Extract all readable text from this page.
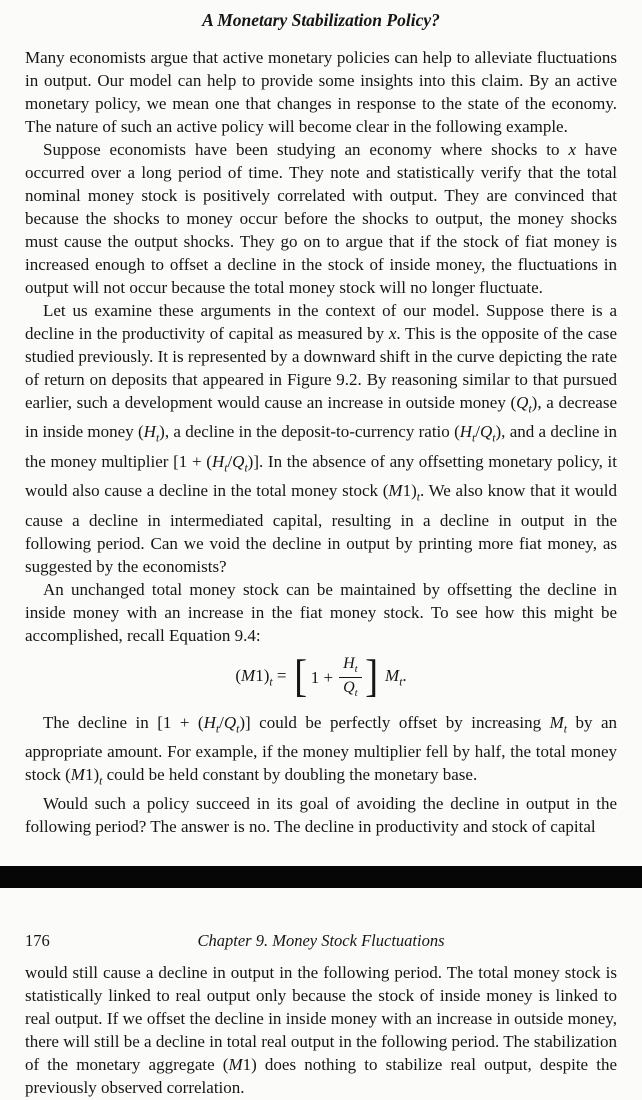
A Monetary Stabilization Policy?

Many economists argue that active monetary policies can help to alleviate fluctuations in output. Our model can help to provide some insights into this claim. By an active monetary policy, we mean one that changes in response to the state of the economy. The nature of such an active policy will become clear in the following example.

Suppose economists have been studying an economy where shocks to x have occurred over a long period of time. They note and statistically verify that the total nominal money stock is positively correlated with output. They are convinced that because the shocks to money occur before the shocks to output, the money shocks must cause the output shocks. They go on to argue that if the stock of fiat money is increased enough to offset a decline in the stock of inside money, the fluctuations in output will not occur because the total money stock will no longer fluctuate.

Let us examine these arguments in the context of our model. Suppose there is a decline in the productivity of capital as measured by x. This is the opposite of the case studied previously. It is represented by a downward shift in the curve depicting the rate of return on deposits that appeared in Figure 9.2. By reasoning similar to that pursued earlier, such a development would cause an increase in outside money $(Q_t)$, a decrease in inside money $(H_t)$, a decline in the deposit-to-currency ratio $(H_t/Q_t)$, and a decline in the money multiplier $[1 + (H_t/Q_t)]$. In the absence of any offsetting monetary policy, it would also cause a decline in the total money stock $(M1)_t$. We also know that it would cause a decline in intermediated capital, resulting in a decline in output in the following period. Can we void the decline in output by printing more fiat money, as suggested by the economists?

An unchanged total money stock can be maintained by offsetting the decline in inside money with an increase in the fiat money stock. To see how this might be accomplished, recall Equation 9.4:

$(M1)_t$ = [ $1 + \frac{H_t}{Q_t}$ ] $M_t$.

The decline in $[1 + (H_t/Q_t)]$ could be perfectly offset by increasing $M_t$ by an appropriate amount. For example, if the money multiplier fell by half, the total money stock $(M1)_t$ could be held constant by doubling the monetary base.

Would such a policy succeed in its goal of avoiding the decline in output in the following period? The answer is no. The decline in productivity and stock of capital

176	Chapter 9. Money Stock Fluctuations

would still cause a decline in output in the following period. The total money stock is statistically linked to real output only because the stock of inside money is linked to real output. If we offset the decline in inside money with an increase in outside money, there will still be a decline in total real output in the following period. The stabilization of the monetary aggregate (M1) does nothing to stabilize real output, despite the previously observed correlation.
